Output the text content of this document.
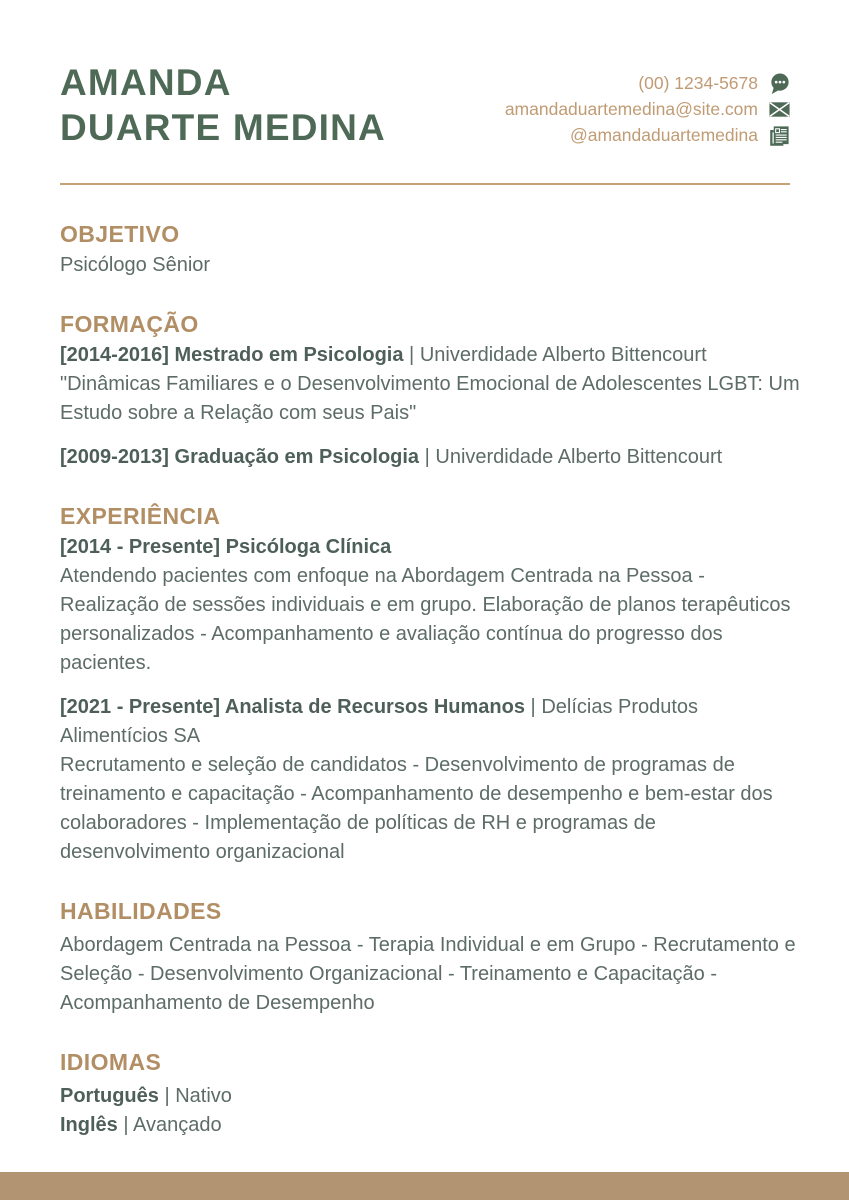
AMANDA
DUARTE MEDINA
(00) 1234-5678
amandaduartemedina@site.com
@amandaduartemedina
OBJETIVO

Psicólogo Sênior

FORMAÇÃO

[2014-2016] Mestrado em Psicologia | Univerdidade Alberto Bittencourt

"Dinâmicas Familiares e o Desenvolvimento Emocional de Adolescentes LGBT: Um Estudo sobre a Relação com seus Pais"

[2009-2013] Graduação em Psicologia | Univerdidade Alberto Bittencourt

EXPERIÊNCIA

[2014 - Presente] Psicóloga Clínica

Atendendo pacientes com enfoque na Abordagem Centrada na Pessoa - Realização de sessões individuais e em grupo. Elaboração de planos terapêuticos personalizados - Acompanhamento e avaliação contínua do progresso dos pacientes.

[2021 - Presente] Analista de Recursos Humanos | Delícias Produtos Alimentícios SA

Recrutamento e seleção de candidatos - Desenvolvimento de programas de treinamento e capacitação - Acompanhamento de desempenho e bem-estar dos colaboradores - Implementação de políticas de RH e programas de desenvolvimento organizacional

HABILIDADES

Abordagem Centrada na Pessoa - Terapia Individual e em Grupo - Recrutamento e Seleção - Desenvolvimento Organizacional - Treinamento e Capacitação - Acompanhamento de Desempenho

IDIOMAS

Português | Nativo

Inglês | Avançado
